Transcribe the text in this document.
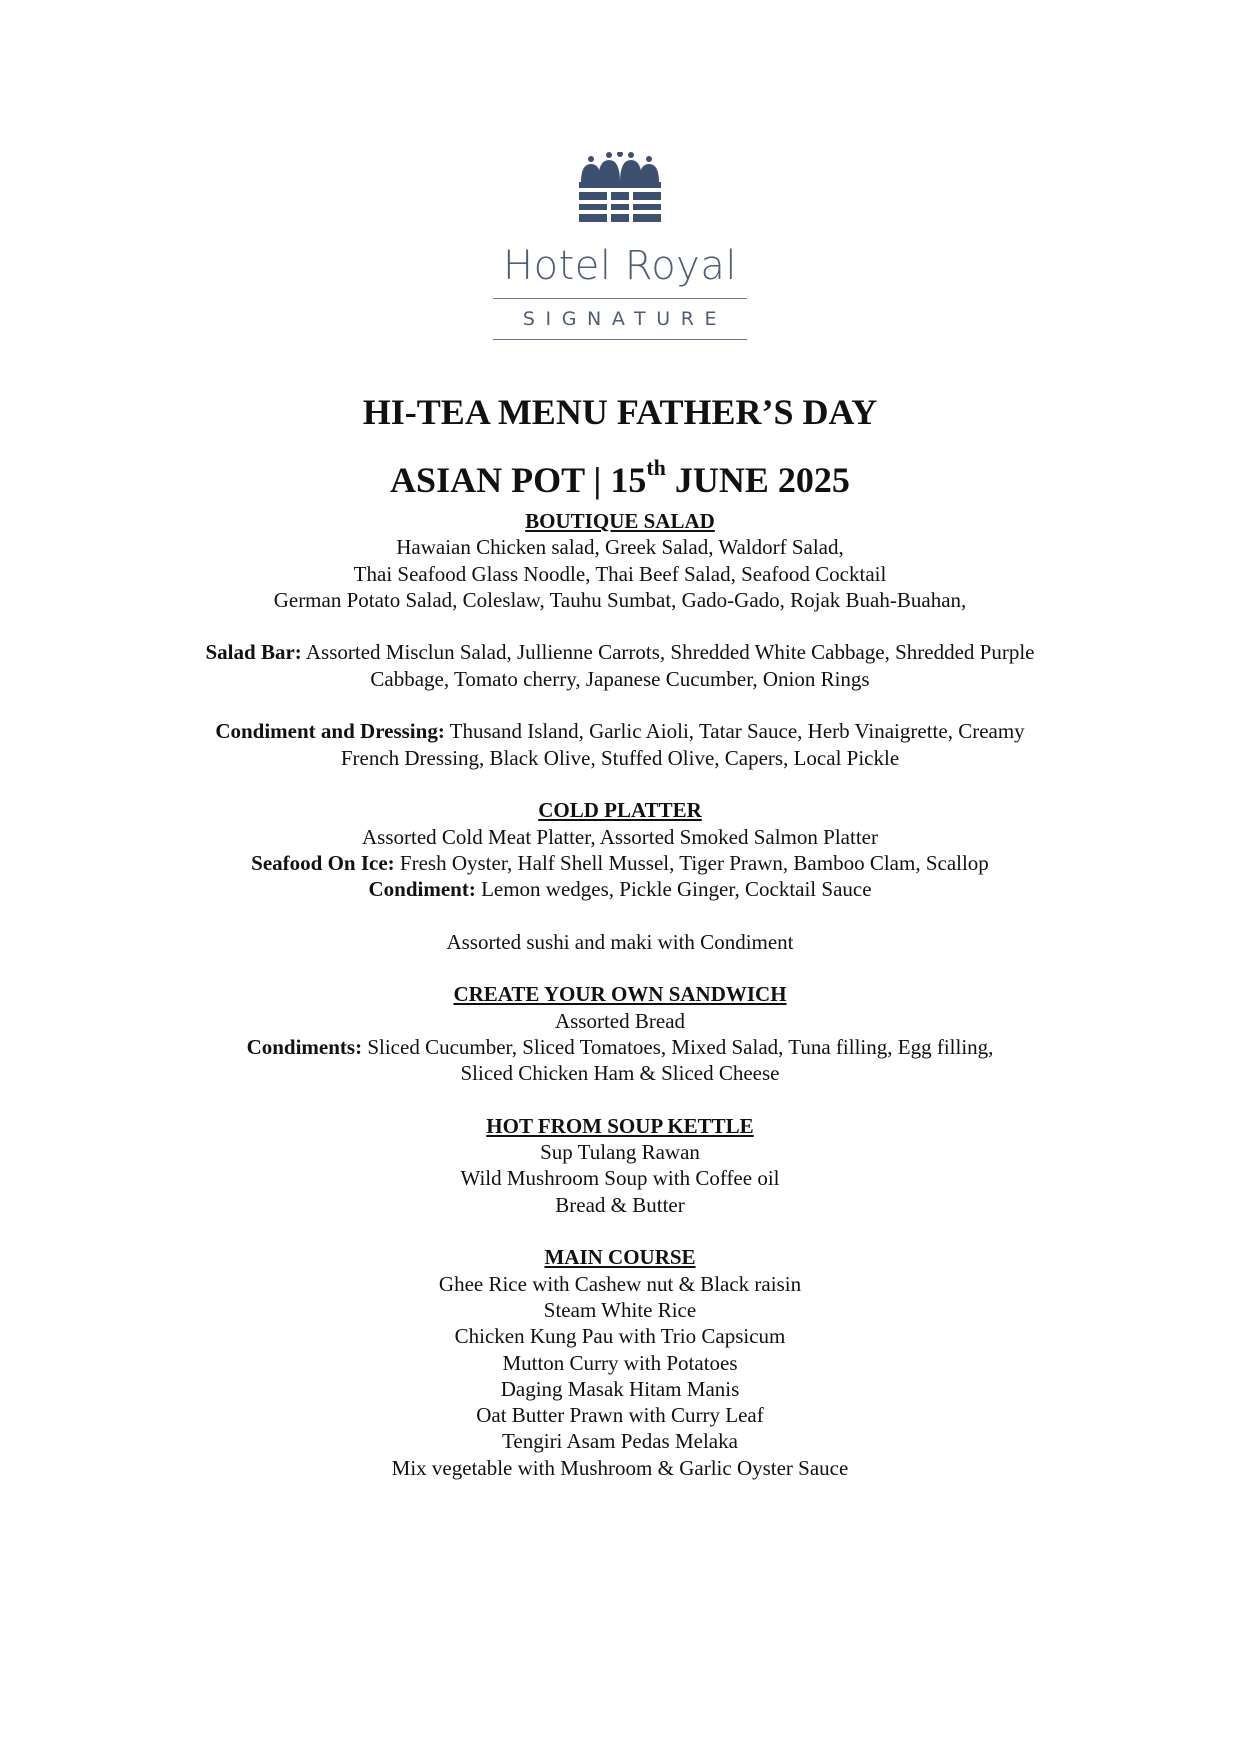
Hotel Royal
SIGNATURE
HI-TEA MENU FATHER’S DAY
ASIAN POT | 15th JUNE 2025
BOUTIQUE SALAD
Hawaian Chicken salad, Greek Salad, Waldorf Salad,
Thai Seafood Glass Noodle, Thai Beef Salad, Seafood Cocktail
German Potato Salad, Coleslaw, Tauhu Sumbat, Gado-Gado, Rojak Buah-Buahan,
Salad Bar: Assorted Misclun Salad, Jullienne Carrots, Shredded White Cabbage, Shredded Purple
Cabbage, Tomato cherry, Japanese Cucumber, Onion Rings
Condiment and Dressing: Thusand Island, Garlic Aioli, Tatar Sauce, Herb Vinaigrette, Creamy
French Dressing, Black Olive, Stuffed Olive, Capers, Local Pickle
COLD PLATTER
Assorted Cold Meat Platter, Assorted Smoked Salmon Platter
Seafood On Ice: Fresh Oyster, Half Shell Mussel, Tiger Prawn, Bamboo Clam, Scallop
Condiment: Lemon wedges, Pickle Ginger, Cocktail Sauce
Assorted sushi and maki with Condiment
CREATE YOUR OWN SANDWICH
Assorted Bread
Condiments: Sliced Cucumber, Sliced Tomatoes, Mixed Salad, Tuna filling, Egg filling,
Sliced Chicken Ham & Sliced Cheese
HOT FROM SOUP KETTLE
Sup Tulang Rawan
Wild Mushroom Soup with Coffee oil
Bread & Butter
MAIN COURSE
Ghee Rice with Cashew nut & Black raisin
Steam White Rice
Chicken Kung Pau with Trio Capsicum
Mutton Curry with Potatoes
Daging Masak Hitam Manis
Oat Butter Prawn with Curry Leaf
Tengiri Asam Pedas Melaka
Mix vegetable with Mushroom & Garlic Oyster Sauce
